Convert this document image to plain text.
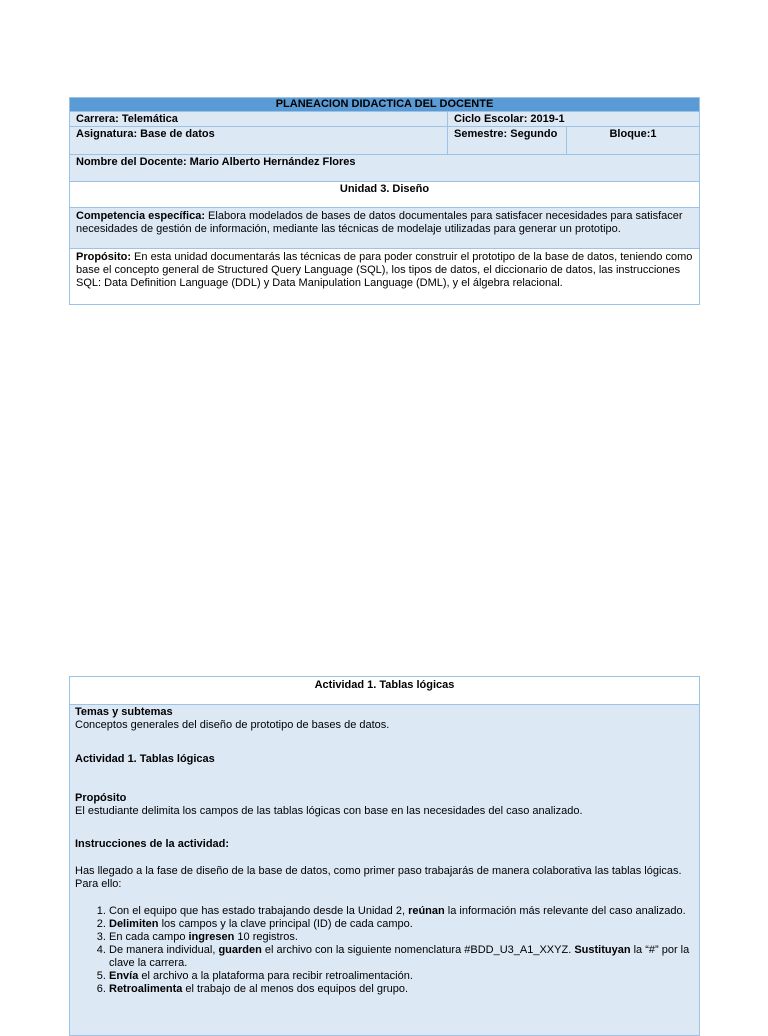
PLANEACION DIDACTICA DEL DOCENTE		
Carrera: Telemática	Ciclo Escolar: 2019-1	
Asignatura: Base de datos	Semestre: Segundo	Bloque:1
Nombre del Docente: Mario Alberto Hernández Flores		
Unidad 3. Diseño		
Competencia específica: Elabora modelados de bases de datos documentales para satisfacer necesidades para satisfacer necesidades de gestión de información, mediante las técnicas de modelaje utilizadas para generar un prototipo.		
Propósito: En esta unidad documentarás las técnicas de para poder construir el prototipo de la base de datos, teniendo como base el concepto general de Structured Query Language (SQL), los tipos de datos, el diccionario de datos, las instrucciones SQL: Data Definition Language (DDL) y Data Manipulation Language (DML), y el álgebra relacional.		
Actividad 1. Tablas lógicas

Temas y subtemas

Conceptos generales del diseño de prototipo de bases de datos.

Actividad 1. Tablas lógicas

Propósito

El estudiante delimita los campos de las tablas lógicas con base en las necesidades del caso analizado.

Instrucciones de la actividad:

Has llegado a la fase de diseño de la base de datos, como primer paso trabajarás de manera colaborativa las tablas lógicas. Para ello:

1. Con el equipo que has estado trabajando desde la Unidad 2, reúnan la información más relevante del caso analizado.
2. Delimiten los campos y la clave principal (ID) de cada campo.
3. En cada campo ingresen 10 registros.
4. De manera individual, guarden el archivo con la siguiente nomenclatura #BDD_U3_A1_XXYZ. Sustituyan la “#” por la clave la carrera.
5. Envía el archivo a la plataforma para recibir retroalimentación.
6. Retroalimenta el trabajo de al menos dos equipos del grupo.
